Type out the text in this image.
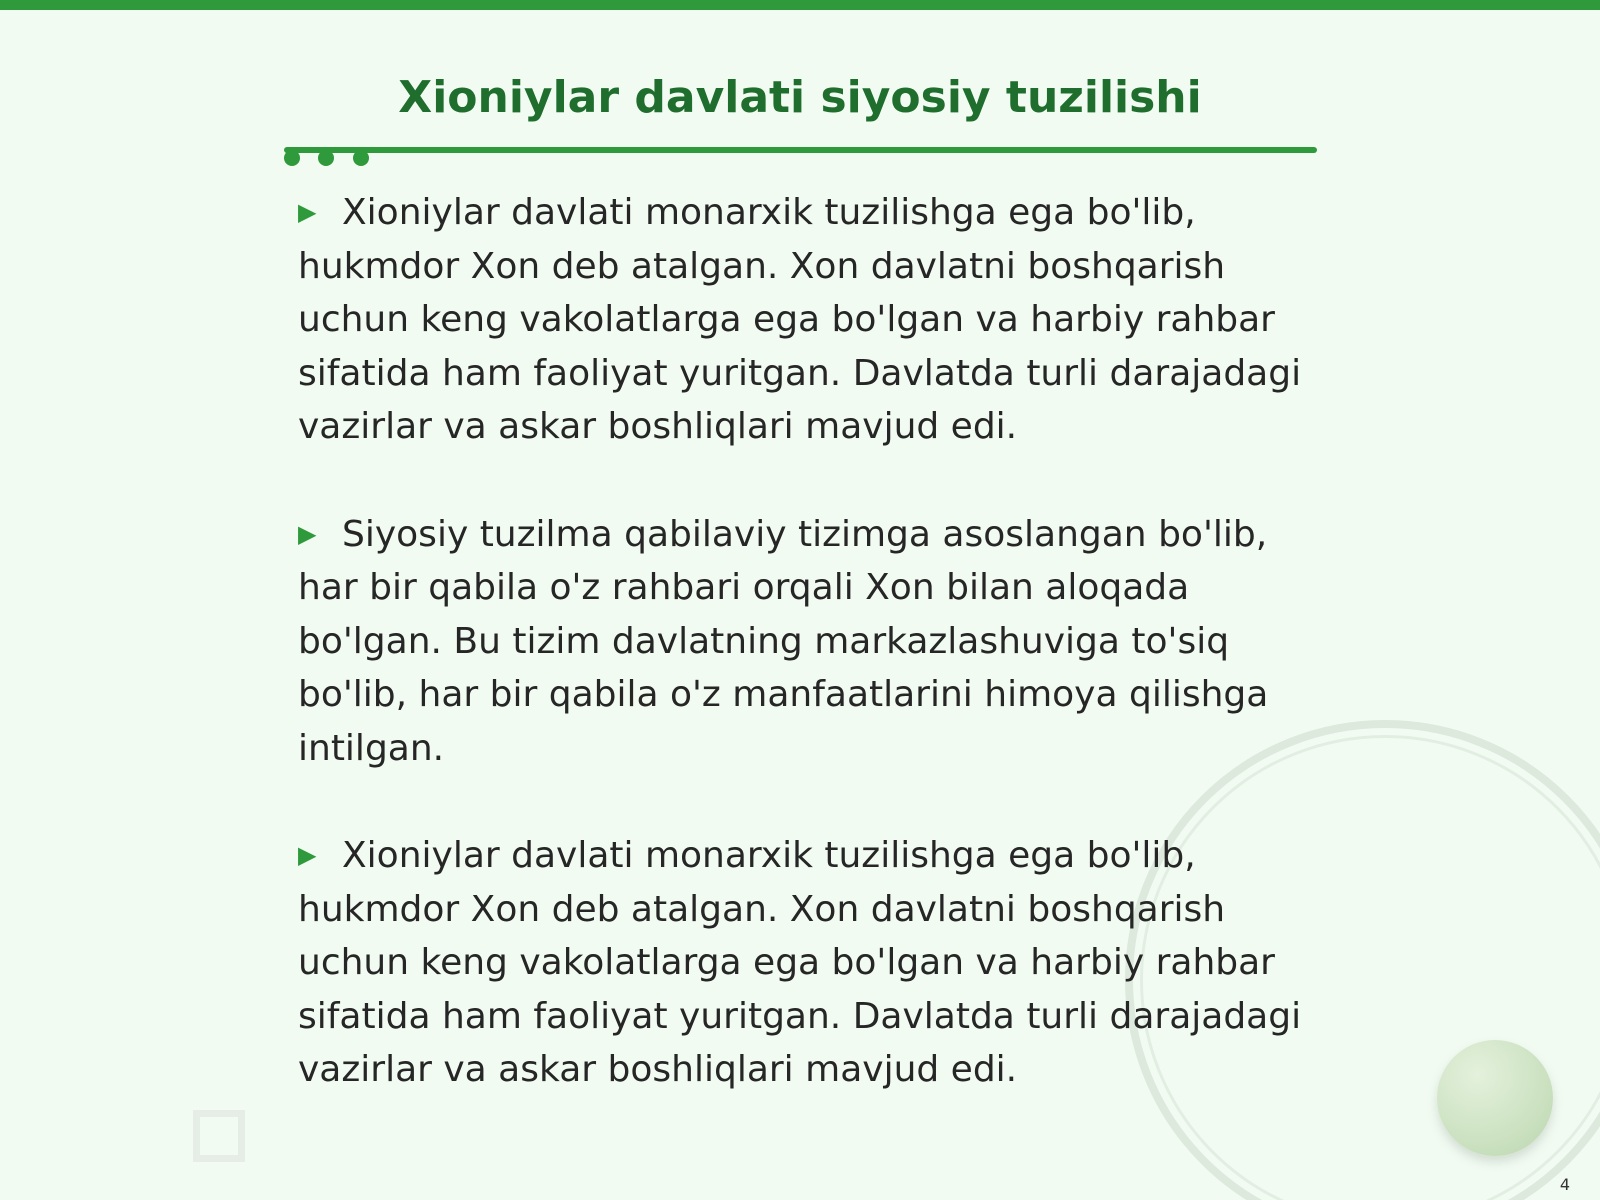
Xioniylar davlati siyosiy tuzilishi

▶ Xioniylar davlati monarxik tuzilishga ega bo'lib, hukmdor Xon deb atalgan. Xon davlatni boshqarish uchun keng vakolatlarga ega bo'lgan va harbiy rahbar sifatida ham faoliyat yuritgan. Davlatda turli darajadagi vazirlar va askar boshliqlari mavjud edi.

▶ Siyosiy tuzilma qabilaviy tizimga asoslangan bo'lib, har bir qabila o'z rahbari orqali Xon bilan aloqada bo'lgan. Bu tizim davlatning markazlashuviga to'siq bo'lib, har bir qabila o'z manfaatlarini himoya qilishga intilgan.

▶ Xioniylar davlati monarxik tuzilishga ega bo'lib, hukmdor Xon deb atalgan. Xon davlatni boshqarish uchun keng vakolatlarga ega bo'lgan va harbiy rahbar sifatida ham faoliyat yuritgan. Davlatda turli darajadagi vazirlar va askar boshliqlari mavjud edi.

4
